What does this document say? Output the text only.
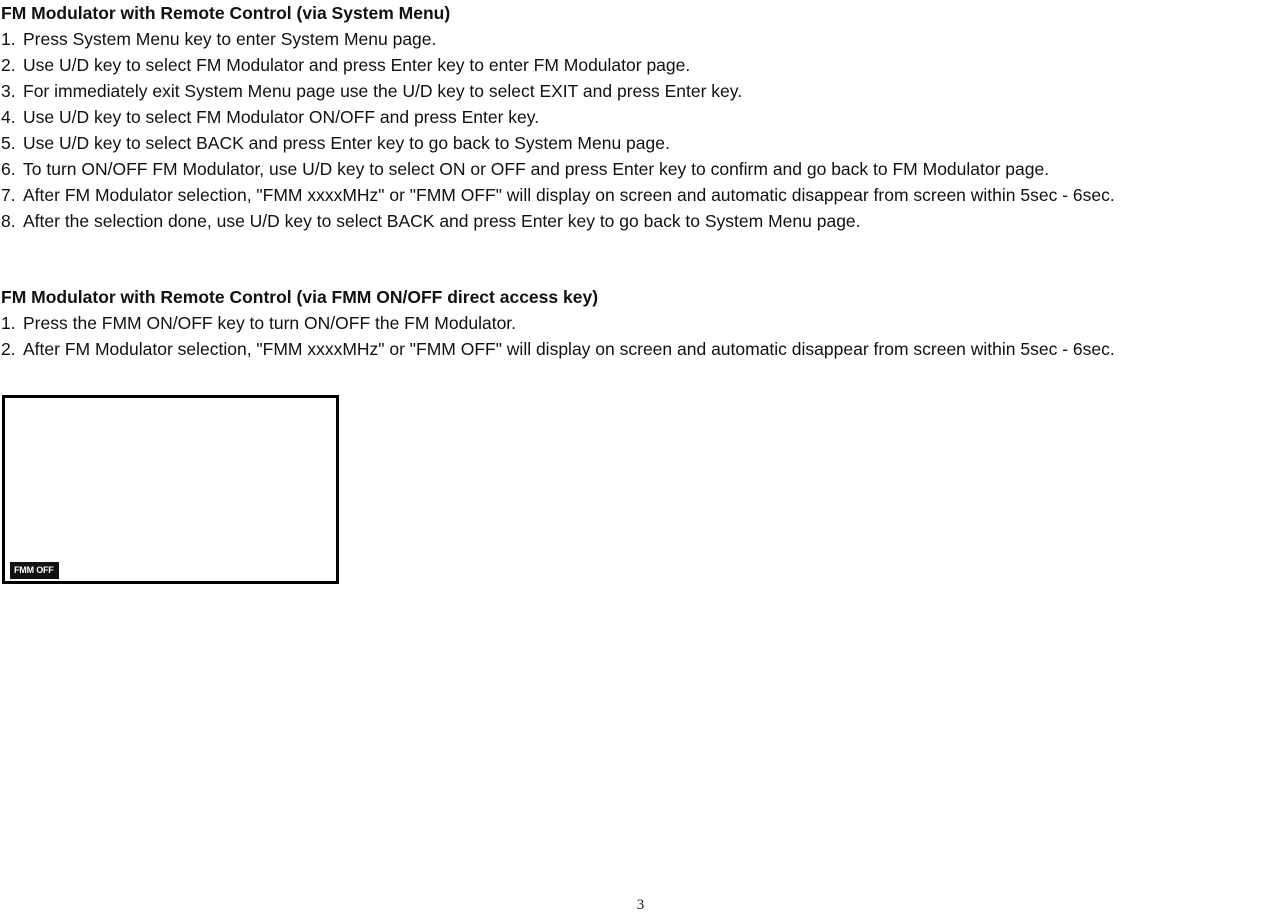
FM Modulator with Remote Control (via System Menu)
1. Press System Menu key to enter System Menu page.
2. Use U/D key to select FM Modulator and press Enter key to enter FM Modulator page.
3. For immediately exit System Menu page use the U/D key to select EXIT and press Enter key.
4. Use U/D key to select FM Modulator ON/OFF and press Enter key.
5. Use U/D key to select BACK and press Enter key to go back to System Menu page.
6. To turn ON/OFF FM Modulator, use U/D key to select ON or OFF and press Enter key to confirm and go back to FM Modulator page.
7. After FM Modulator selection, "FMM xxxxMHz" or "FMM OFF" will display on screen and automatic disappear from screen within 5sec - 6sec.
8. After the selection done, use U/D key to select BACK and press Enter key to go back to System Menu page.
FM Modulator with Remote Control (via FMM ON/OFF direct access key)
1. Press the FMM ON/OFF key to turn ON/OFF the FM Modulator.
2. After FM Modulator selection, "FMM xxxxMHz" or "FMM OFF" will display on screen and automatic disappear from screen within 5sec - 6sec.
FMM OFF
3
